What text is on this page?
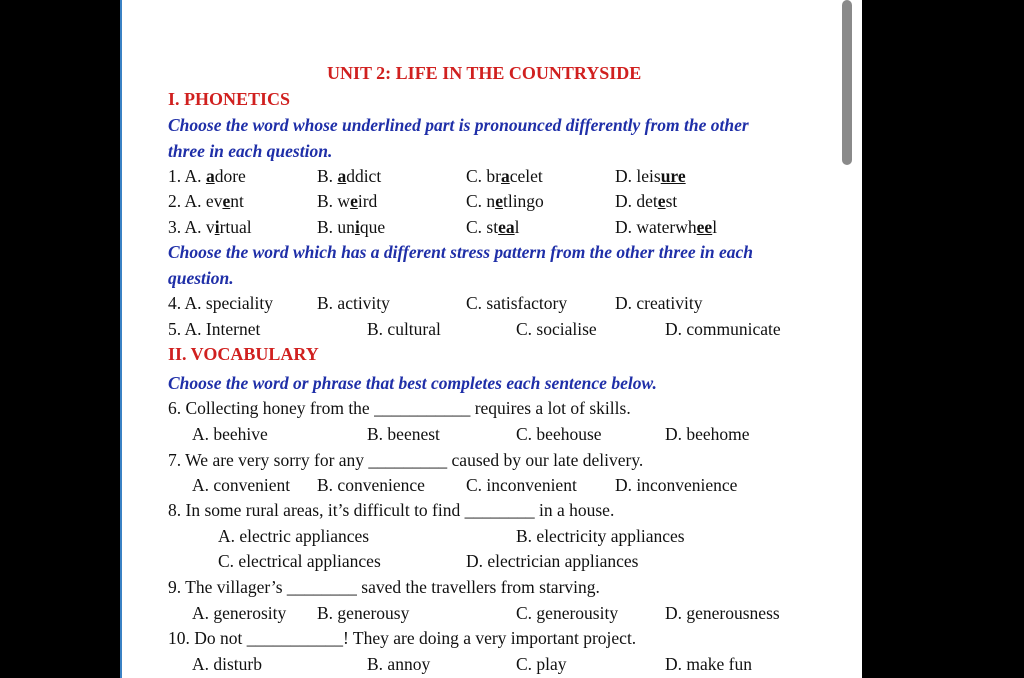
UNIT 2: LIFE IN THE COUNTRYSIDE
I. PHONETICS
Choose the word whose underlined part is pronounced differently from the other
three in each question.
1. A. adore	B. addict	C. bracelet	D. leisure
2. A. event	B. weird	C. netlingo	D. detest
3. A. virtual	B. unique	C. steal	D. waterwheel
Choose the word which has a different stress pattern from the other three in each
question.
4. A. speciality	B. activity	C. satisfactory	D. creativity
5. A. Internet	B. cultural	C. socialise	D. communicate
II. VOCABULARY
Choose the word or phrase that best completes each sentence below.
6. Collecting honey from the ___________ requires a lot of skills.
A. beehive	B. beenest	C. beehouse	D. beehome
7. We are very sorry for any _________ caused by our late delivery.
A. convenient B. convenience C. inconvenient D. inconvenience
8. In some rural areas, it’s difficult to find ________ in a house.
A. electric appliances	B. electricity appliances
C. electrical appliances	D. electrician appliances
9. The villager’s ________ saved the travellers from starving.
A. generosity B. generousy	C. generousity	D. generousness
10. Do not ___________! They are doing a very important project.
A. disturb	B. annoy	C. play	D. make fun
